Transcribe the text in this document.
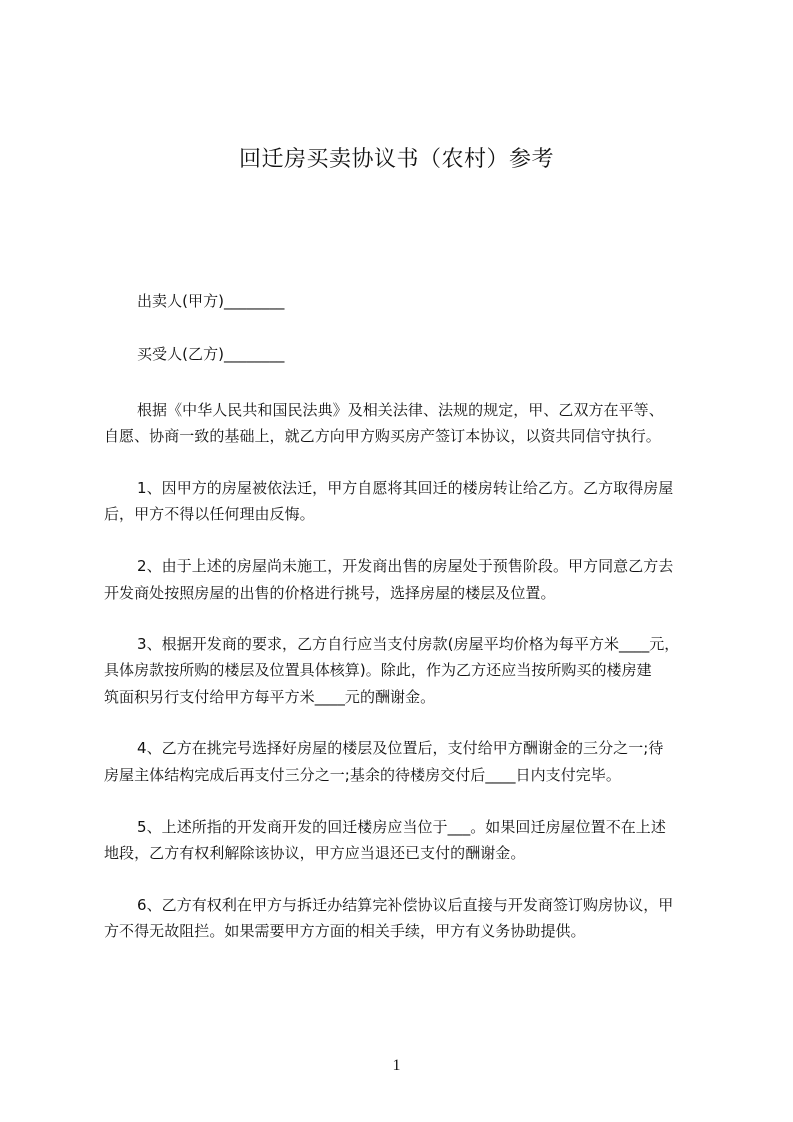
回迁房买卖协议书（农村）参考
出卖人(甲方)________
买受人(乙方)________
根据《中华人民共和国民法典》及相关法律、法规的规定，甲、乙双方在平等、
自愿、协商一致的基础上，就乙方向甲方购买房产签订本协议，以资共同信守执行。
1、因甲方的房屋被依法迁，甲方自愿将其回迁的楼房转让给乙方。乙方取得房屋
后，甲方不得以任何理由反悔。
2、由于上述的房屋尚未施工，开发商出售的房屋处于预售阶段。甲方同意乙方去
开发商处按照房屋的出售的价格进行挑号，选择房屋的楼层及位置。
3、根据开发商的要求，乙方自行应当支付房款(房屋平均价格为每平方米____元，
具体房款按所购的楼层及位置具体核算)。除此，作为乙方还应当按所购买的楼房建
筑面积另行支付给甲方每平方米____元的酬谢金。
4、乙方在挑完号选择好房屋的楼层及位置后，支付给甲方酬谢金的三分之一;待
房屋主体结构完成后再支付三分之一;基余的待楼房交付后____日内支付完毕。
5、上述所指的开发商开发的回迁楼房应当位于___。如果回迁房屋位置不在上述
地段，乙方有权利解除该协议，甲方应当退还已支付的酬谢金。
6、乙方有权利在甲方与拆迁办结算完补偿协议后直接与开发商签订购房协议，甲
方不得无故阻拦。如果需要甲方方面的相关手续，甲方有义务协助提供。
1
